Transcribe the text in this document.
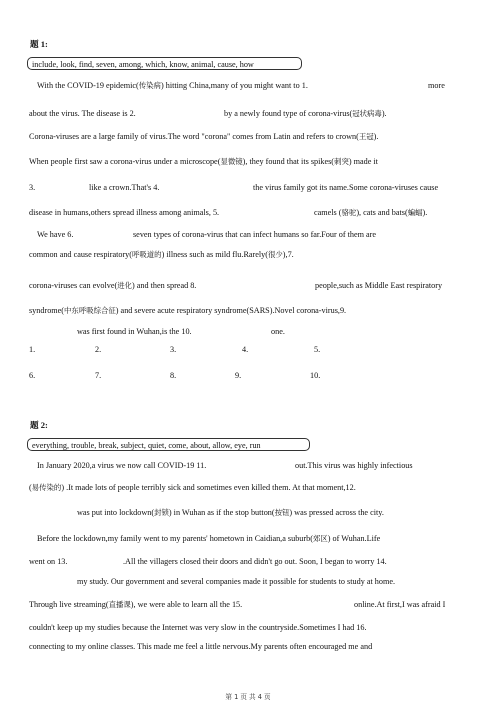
题 1:
include, look, find, seven, among, which, know, animal, cause, how
With the COVID-19 epidemic(传染病) hitting China,many of you might want to 1.	more
about the virus. The disease is 2.	by a newly found type of corona-virus(冠状病毒).
Corona-viruses are a large family of virus.The word "corona" comes from Latin and refers to crown(王冠).
When people first saw a corona-virus under a microscope(显微镜), they found that its spikes(刺突) made it
3.	like a crown.That's 4.	the virus family got its name.Some corona-viruses cause
disease in humans,others spread illness among animals, 5.	camels (骆驼), cats and bats(蝙蝠).
We have 6.	seven types of corona-virus that can infect humans so far.Four of them are
common and cause respiratory(呼吸道的) illness such as mild flu.Rarely(很少),7.
corona-viruses can evolve(进化) and then spread 8.	people,such as Middle East respiratory
syndrome(中东呼吸综合征) and severe acute respiratory syndrome(SARS).Novel corona-virus,9.
was first found in Wuhan,is the 10.	one.
1.	2.	3.	4.	5.
6.	7.	8.	9.	10.
题 2:
everything, trouble, break, subject, quiet, come, about, allow, eye, run
In January 2020,a virus we now call COVID-19 11.	out.This virus was highly infectious
(易传染的) .It made lots of people terribly sick and sometimes even killed them. At that moment,12.
was put into lockdown(封锁) in Wuhan as if the stop button(按钮) was pressed across the city.
Before the lockdown,my family went to my parents' hometown in Caidian,a suburb(郊区) of Wuhan.Life
went on 13.	.All the villagers closed their doors and didn't go out. Soon, I began to worry 14.
my study. Our government and several companies made it possible for students to study at home.
Through live streaming(直播课), we were able to learn all the 15.	online.At first,I was afraid I
couldn't keep up my studies because the Internet was very slow in the countryside.Sometimes I had 16.
connecting to my online classes. This made me feel a little nervous.My parents often encouraged me and
第 1 页 共 4 页
